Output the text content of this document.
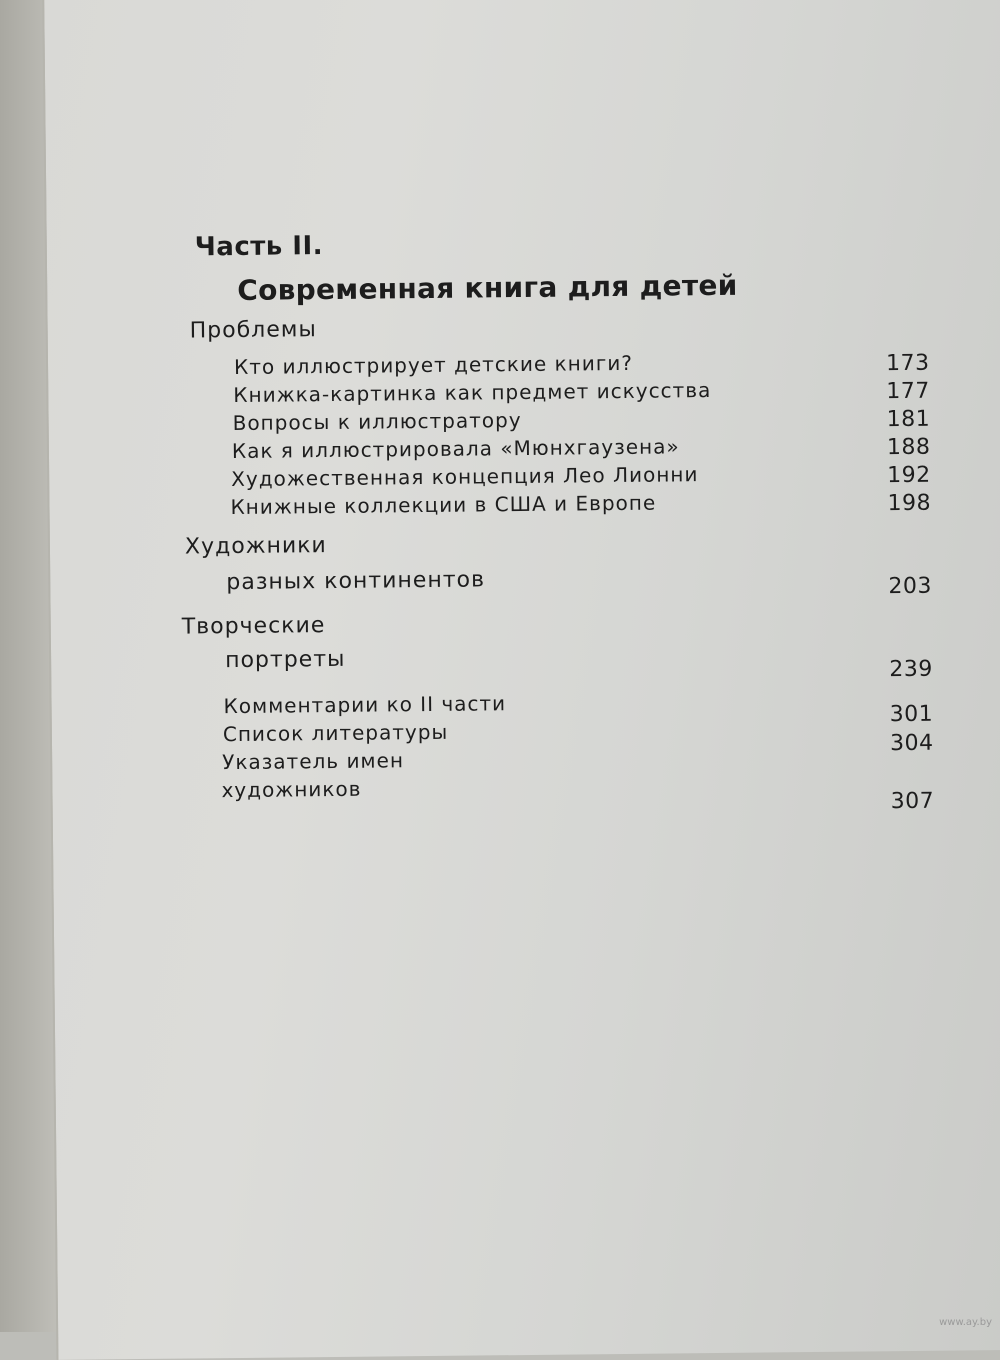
Часть II.
Современная книга для детей
Проблемы
Кто иллюстрирует детские книги?	173
Книжка-картинка как предмет искусства	177
Вопросы к иллюстратору	181
Как я иллюстрировала «Мюнхгаузена»	188
Художественная концепция Лео Лионни	192
Книжные коллекции в США и Европе	198
Художники
разных континентов	203
Творческие
портреты	239
Комментарии ко II части	301
Список литературы	304
Указатель имен
художников	307
www.ay.by
